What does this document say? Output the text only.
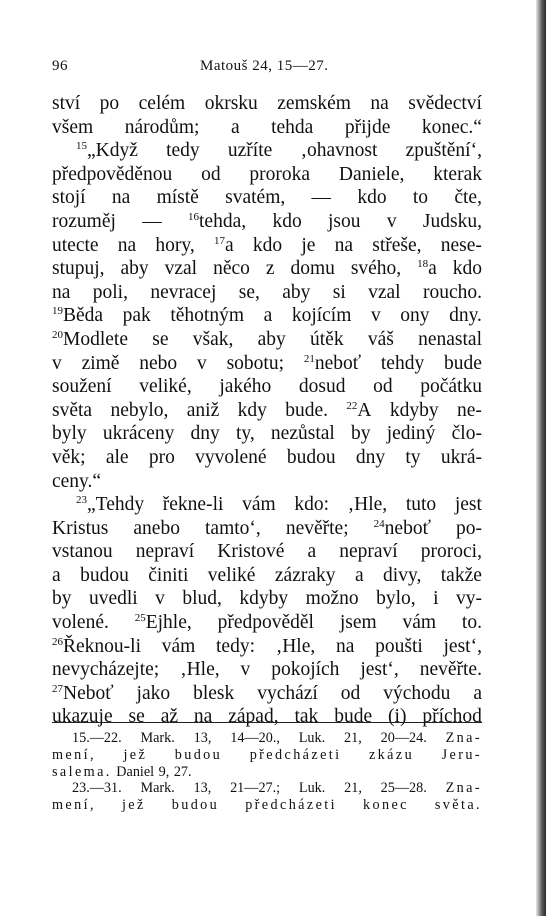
96	Matouš 24, 15—27.
ství po celém okrsku zemském na svědectví
všem národům; a tehda přijde konec.“
$^{15}$„Když tedy uzříte ‚ohavnost zpuštění‘,
předpověděnou od proroka Daniele, kterak
stojí na místě svatém, — kdo to čte,
rozuměj — $^{16}$tehda, kdo jsou v Judsku,
utecte na hory, $^{17}$a kdo je na střeše, nese-
stupuj, aby vzal něco z domu svého, $^{18}$a kdo
na poli, nevracej se, aby si vzal roucho.
$^{19}$Běda pak těhotným a kojícím v ony dny.
$^{20}$Modlete se však, aby útěk váš nenastal
v zimě nebo v sobotu; $^{21}$neboť tehdy bude
soužení veliké, jakého dosud od počátku
světa nebylo, aniž kdy bude. $^{22}$A kdyby ne-
byly ukráceny dny ty, nezůstal by jediný člo-
věk; ale pro vyvolené budou dny ty ukrá-
ceny.“
$^{23}$„Tehdy řekne-li vám kdo: ‚Hle, tuto jest
Kristus anebo tamto‘, nevěřte; $^{24}$neboť po-
vstanou nepraví Kristové a nepraví proroci,
a budou činiti veliké zázraky a divy, takže
by uvedli v blud, kdyby možno bylo, i vy-
volené. $^{25}$Ejhle, předpověděl jsem vám to.
$^{26}$Řeknou-li vám tedy: ‚Hle, na poušti jest‘,
nevycházejte; ‚Hle, v pokojích jest‘, nevěřte.
$^{27}$Neboť jako blesk vychází od východu a
ukazuje se až na západ, tak bude (i) příchod
15.—22. Mark. 13, 14—20., Luk. 21, 20—24. Zna-
mení, jež budou předcházeti zkázu Jeru-
salema. Daniel 9, 27.
23.—31. Mark. 13, 21—27.; Luk. 21, 25—28. Zna-
mení, jež budou předcházeti konec světa.
